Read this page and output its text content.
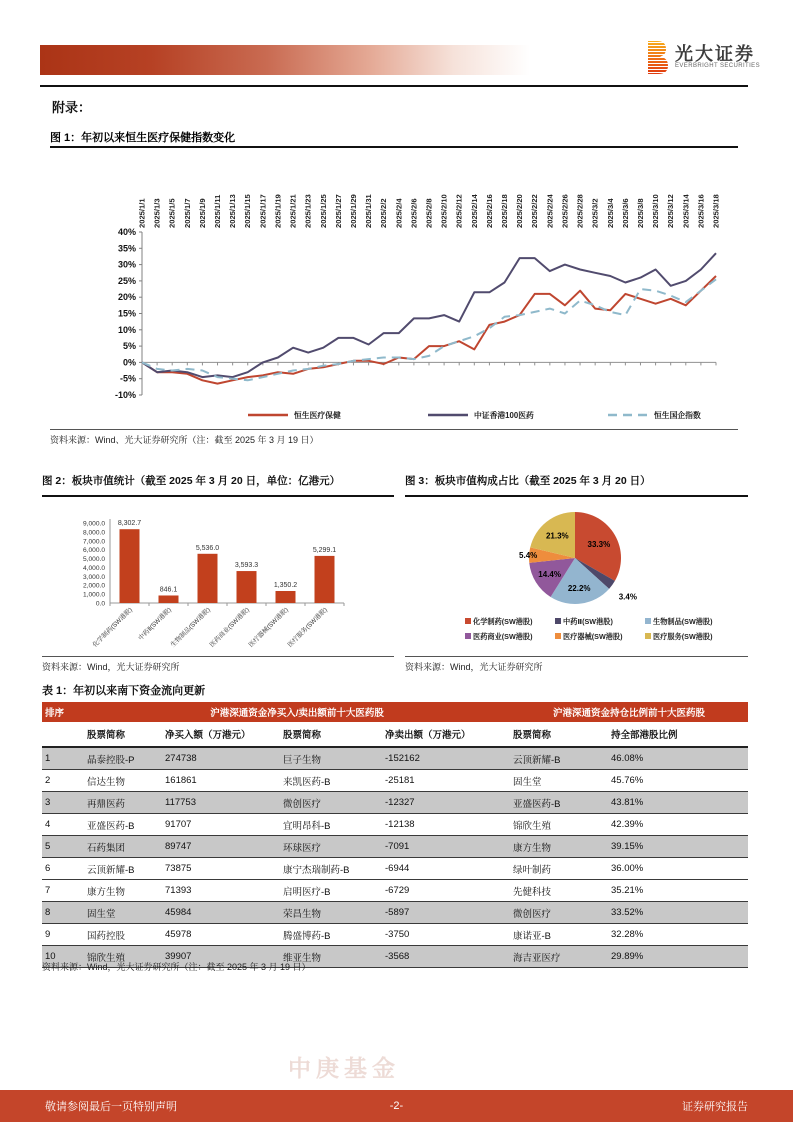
光大证券
EVERBRIGHT SECURITIES
附录：
图 1：年初以来恒生医疗保健指数变化
40%
35%
30%
25%
20%
15%
10%
5%
0%
-5%
-10%
2025/1/1 2025/1/3 2025/1/5 2025/1/7 2025/1/9 2025/1/11 2025/1/13 2025/1/15 2025/1/17 2025/1/19 2025/1/21 2025/1/23 2025/1/25 2025/1/27 2025/1/29 2025/1/31 2025/2/2 2025/2/4 2025/2/6 2025/2/8 2025/2/10 2025/2/12 2025/2/14 2025/2/16 2025/2/18 2025/2/20 2025/2/22 2025/2/24 2025/2/26 2025/2/28 2025/3/2 2025/3/4 2025/3/6 2025/3/8 2025/3/10 2025/3/12 2025/3/14 2025/3/16 2025/3/18
恒生医疗保健	中证香港100医药	恒生国企指数
资料来源：Wind、光大证券研究所（注：截至 2025 年 3 月 19 日）
图 2：板块市值统计（截至 2025 年 3 月 20 日，单位：亿港元）
0.0
1,000.0
2,000.0
3,000.0
4,000.0
5,000.0
6,000.0
7,000.0
8,000.0
9,000.0 8,302.7
化学制药(SW港股)
846.1
中药Ⅱ(SW港股)
5,536.0
生物制品(SW港股)
3,593.3
医药商业(SW港股)
1,350.2
医疗器械(SW港股)
5,299.1
医疗服务(SW港股)
资料来源：Wind，光大证券研究所
图 3：板块市值构成占比（截至 2025 年 3 月 20 日）
33.3%
3.4%
22.2%
14.4%
5.4%
21.3%
化学制药(SW港股)	中药Ⅱ(SW港股)	生物制品(SW港股)
医药商业(SW港股)	医疗器械(SW港股)	医疗服务(SW港股)
资料来源：Wind，光大证券研究所
表 1：年初以来南下资金流向更新
排序	沪港深通资金净买入/卖出额前十大医药股				沪港深通资金持仓比例前十大医药股	
	股票简称	净买入额（万港元）	股票简称	净卖出额（万港元）	股票简称	持全部港股比例
1	晶泰控股-P	274738	巨子生物	-152162	云顶新耀-B	46.08%
2	信达生物	161861	来凯医药-B	-25181	固生堂	45.76%
3	再鼎医药	117753	微创医疗	-12327	亚盛医药-B	43.81%
4	亚盛医药-B	91707	宜明昂科-B	-12138	锦欣生殖	42.39%
5	石药集团	89747	环球医疗	-7091	康方生物	39.15%
6	云顶新耀-B	73875	康宁杰瑞制药-B	-6944	绿叶制药	36.00%
7	康方生物	71393	启明医疗-B	-6729	先健科技	35.21%
8	固生堂	45984	荣昌生物	-5897	微创医疗	33.52%
9	国药控股	45978	腾盛博药-B	-3750	康诺亚-B	32.28%
10	锦欣生殖	39907	维亚生物	-3568	海吉亚医疗	29.89%
资料来源：Wind，光大证券研究所（注：截至 2025 年 3 月 19 日）
中庚基金
敬请参阅最后一页特别声明	-2-	证券研究报告
